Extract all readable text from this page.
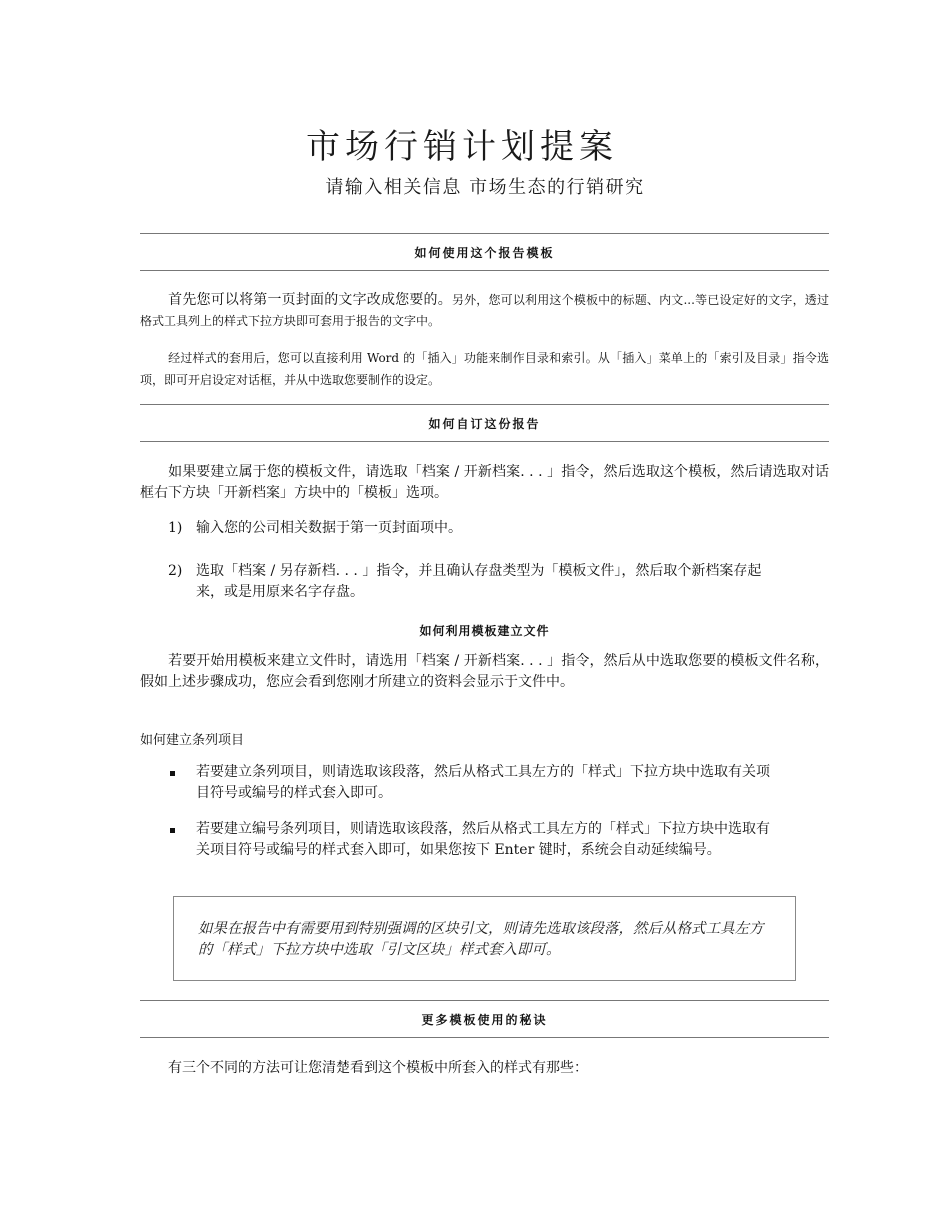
市场行销计划提案
请输入相关信息 市场生态的行销研究
如何使用这个报告模板

首先您可以将第一页封面的文字改成您要的。另外，您可以利用这个模板中的标题、内文...等已设定好的文字，透过格式工具列上的样式下拉方块即可套用于报告的文字中。

经过样式的套用后，您可以直接利用 Word 的「插入」功能来制作目录和索引。从「插入」菜单上的「索引及目录」指令选项，即可开启设定对话框，并从中选取您要制作的设定。

如何自订这份报告

如果要建立属于您的模板文件，请选取「档案 / 开新档案. . . 」指令，然后选取这个模板，然后请选取对话框右下方块「开新档案」方块中的「模板」选项。

1) 输入您的公司相关数据于第一页封面项中。
2) 选取「档案 / 另存新档. . . 」指令，并且确认存盘类型为「模板文件」，然后取个新档案存起来，或是用原来名字存盘。
如何利用模板建立文件

若要开始用模板来建立文件时，请选用「档案 / 开新档案. . . 」指令，然后从中选取您要的模板文件名称，假如上述步骤成功，您应会看到您刚才所建立的资料会显示于文件中。

如何建立条列项目
若要建立条列项目，则请选取该段落，然后从格式工具左方的「样式」下拉方块中选取有关项目符号或编号的样式套入即可。
若要建立编号条列项目，则请选取该段落，然后从格式工具左方的「样式」下拉方块中选取有关项目符号或编号的样式套入即可，如果您按下 Enter 键时，系统会自动延续编号。
如果在报告中有需要用到特别强调的区块引文，则请先选取该段落，然后从格式工具左方的「样式」下拉方块中选取「引文区块」样式套入即可。
更多模板使用的秘诀

有三个不同的方法可让您清楚看到这个模板中所套入的样式有那些：
